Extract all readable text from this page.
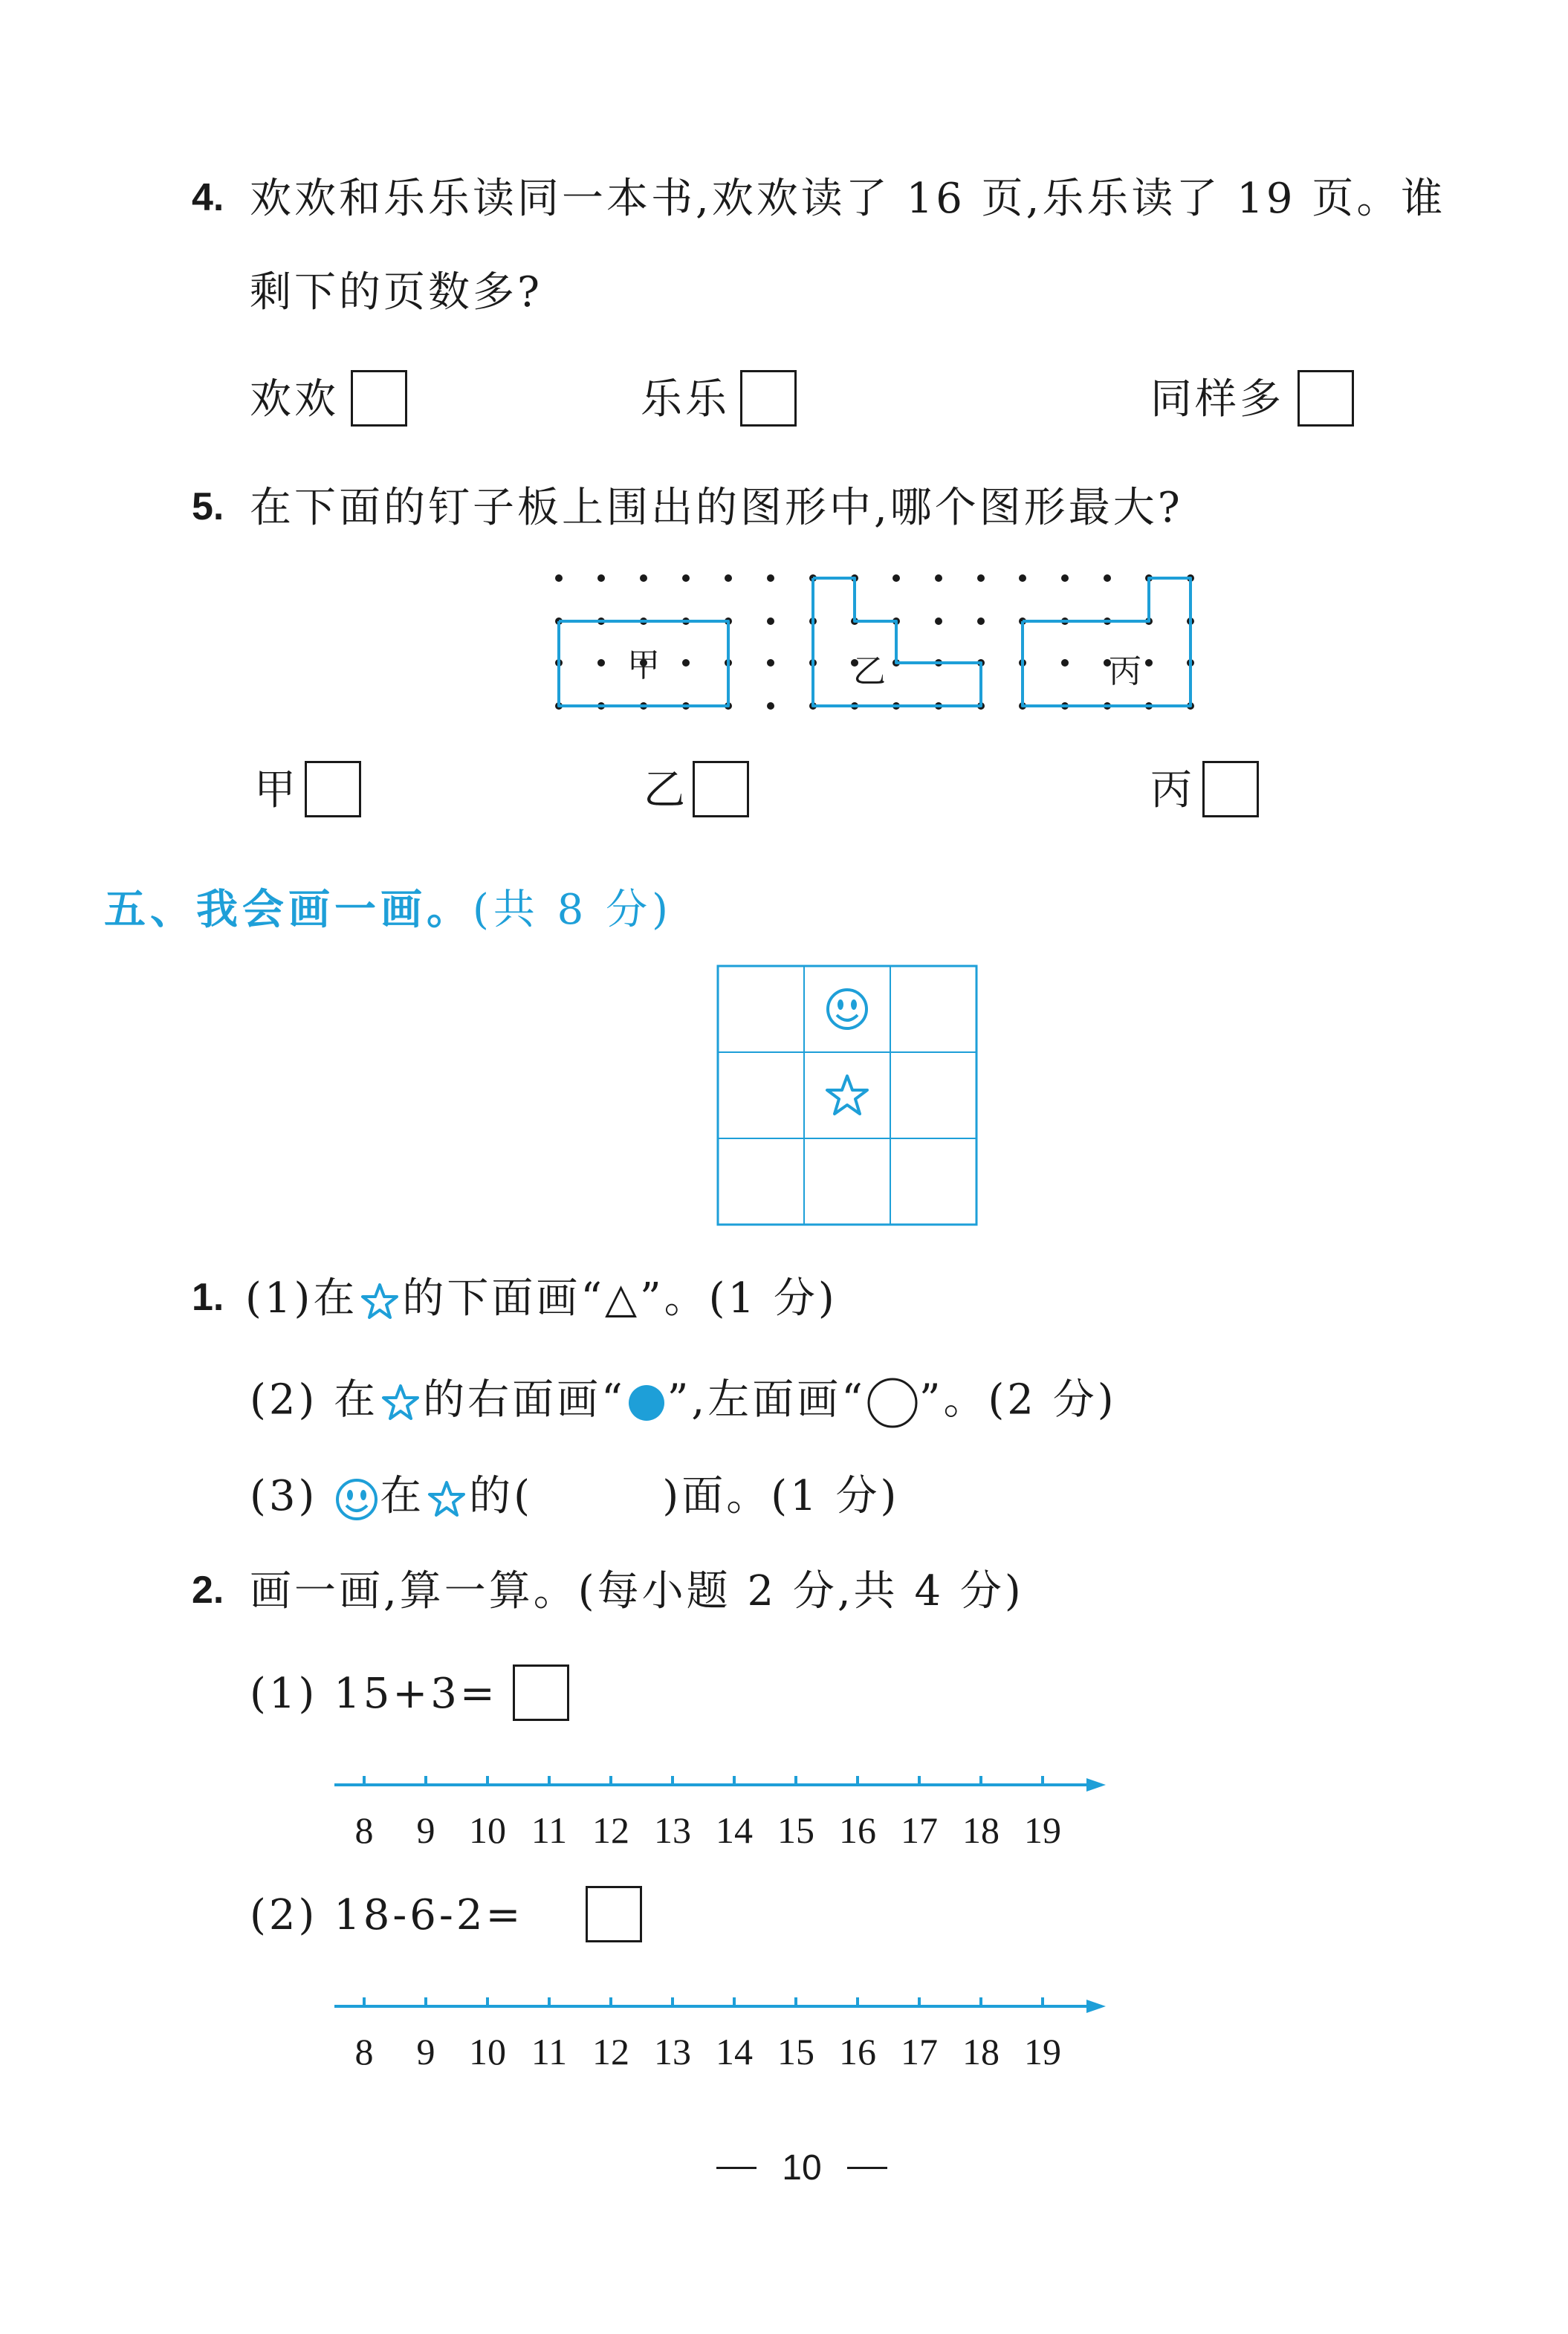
4. 欢欢和乐乐读同一本书,欢欢读了 16 页,乐乐读了 19 页。谁
剩下的页数多?
欢欢	乐乐	同样多
5. 在下面的钉子板上围出的图形中,哪个图形最大?
甲	乙	丙
甲	乙	丙
五、我会画一画。(共 8 分)
1. (1)在 的下面画“△”。(1 分)
(2) 在 的右面画“ ”,左面画“ ”。(2 分)
(3) 在 的(        )面。(1 分)
2. 画一画,算一算。(每小题 2 分,共 4 分)
(1) 15+3=
8 9 10 11 12 13 14 15 16 17 18 19
(2) 18-6-2=
8 9 10 11 12 13 14 15 16 17 18 19
10
